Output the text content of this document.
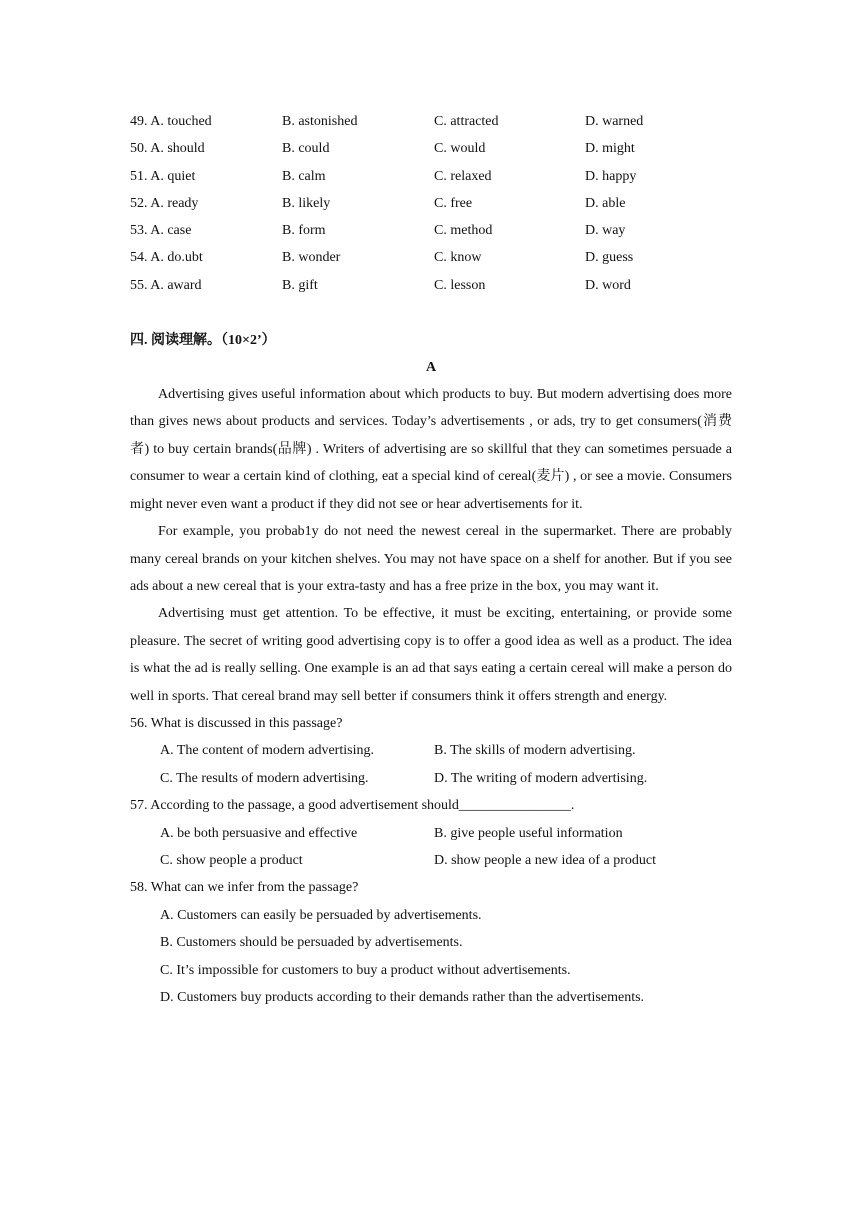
49. A. touched	B. astonished	C. attracted	D. warned
50. A. should	B. could	C. would	D. might
51. A. quiet	B. calm	C. relaxed	D. happy
52. A. ready	B. likely	C. free	D. able
53. A. case	B. form	C. method	D. way
54. A. do.ubt	B. wonder	C. know	D. guess
55. A. award	B. gift	C. lesson	D. word
四. 阅读理解。（10×2’）
A

Advertising gives useful information about which products to buy. But modern advertising does more than gives news about products and services. Today’s advertisements , or ads, try to get consumers(消费者) to buy certain brands(品牌) . Writers of advertising are so skillful that they can sometimes persuade a consumer to wear a certain kind of clothing, eat a special kind of cereal(麦片) , or see a movie. Consumers might never even want a product if they did not see or hear advertisements for it.

For example, you probab1y do not need the newest cereal in the supermarket. There are probably many cereal brands on your kitchen shelves. You may not have space on a shelf for another. But if you see ads about a new cereal that is your extra-tasty and has a free prize in the box, you may want it.

Advertising must get attention. To be effective, it must be exciting, entertaining, or provide some pleasure. The secret of writing good advertising copy is to offer a good idea as well as a product. The idea is what the ad is really selling. One example is an ad that says eating a certain cereal will make a person do well in sports. That cereal brand may sell better if consumers think it offers strength and energy.

56. What is discussed in this passage?
A. The content of modern advertising.	B. The skills of modern advertising.
C. The results of modern advertising.	D. The writing of modern advertising.
57. According to the passage, a good advertisement should________________.
A. be both persuasive and effective	B. give people useful information
C. show people a product	D. show people a new idea of a product
58. What can we infer from the passage?
A. Customers can easily be persuaded by advertisements.
B. Customers should be persuaded by advertisements.
C. It’s impossible for customers to buy a product without advertisements.
D. Customers buy products according to their demands rather than the advertisements.
